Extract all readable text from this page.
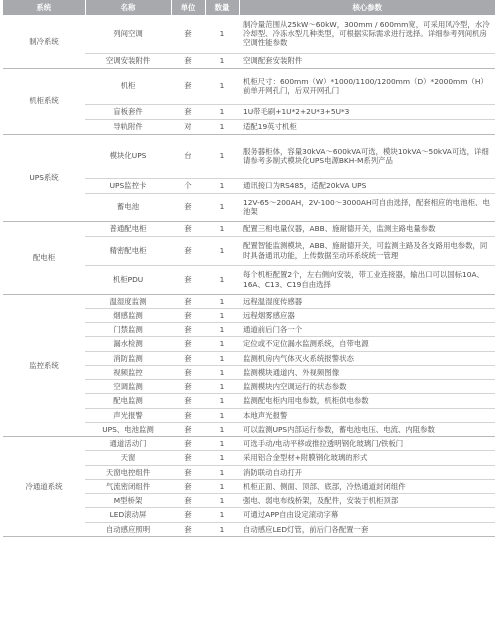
系统	名称	单位	数量	核心参数
制冷系统	列间空调	套	1	制冷量范围从25kW～60kW，300mm / 600mm宽，可采用风冷型，水冷冷却型、冷冻水型几种类型，可根据实际需求进行选择。详细参考列间机房空调性能参数
	空调安装附件	套	1	空调配套安装附件
机柜系统	机柜	套	1	机柜尺寸：600mm（W）*1000/1100/1200mm（D）*2000mm（H）前单开网孔门，后双开网孔门
	盲板套件	套	1	1U带毛刷+1U*2+2U*3+5U*3
	导轨附件	对	1	适配19英寸机柜
UPS系统	模块化UPS	台	1	服务器柜体，容量30kVA～600kVA可选，模块10kVA～50kVA可选，详细请参考多制式模块化UPS电源BKH-M系列产品
	UPS监控卡	个	1	通讯接口为RS485，适配20kVA UPS
	蓄电池	套	1	12V-65～200AH，2V-100～3000AH可自由选择，配套相应的电池柜、电池架
配电柜	普通配电柜	套	1	配置三相电量仪器，ABB、施耐德开关，监测主路电量参数
	精密配电柜	套	1	配置智能监测模块，ABB、施耐德开关，可监测主路及各支路用电参数，同时具备通讯功能，上传数据至动环系统统一管理
	机柜PDU	套	1	每个机柜配置2个，左右侧向安装，带工业连接器，输出口可以国标10A、16A、C13、C19自由选择
监控系统	温湿度监测	套	1	远程温湿度传感器
	烟感监测	套	1	远程烟雾感应器
	门禁监测	套	1	通道前后门各一个
	漏水检测	套	1	定位或不定位漏水监测系统，自带电源
	消防监测	套	1	监测机房内气体灭火系统报警状态
	视频监控	套	1	监测模块通道内、外视频图像
	空调监测	套	1	监测模块内空调运行的状态参数
	配电监测	套	1	监测配电柜内用电参数，机柜供电参数
	声光报警	套	1	本地声光报警
	UPS、电池监测	套	1	可以监测UPS内部运行参数，蓄电池电压、电流、内阻参数
冷通道系统	通道活动门	套	1	可选手动/电动平移或推拉透明钢化玻璃门/铁板门
	天窗	套	1	采用铝合金型材+附膜钢化玻璃的形式
	天窗电控组件	套	1	消防联动自动打开
	气流密闭组件	套	1	机柜正面、侧面、顶部、底部，冷热通道封闭组件
	M型桥架	套	1	强电、弱电布线桥架，及配件，安装于机柜顶部
	LED滚动屏	套	1	可通过APP自由设定滚动字幕
	自动感应照明	套	1	自动感应LED灯管，前后门各配置一套
